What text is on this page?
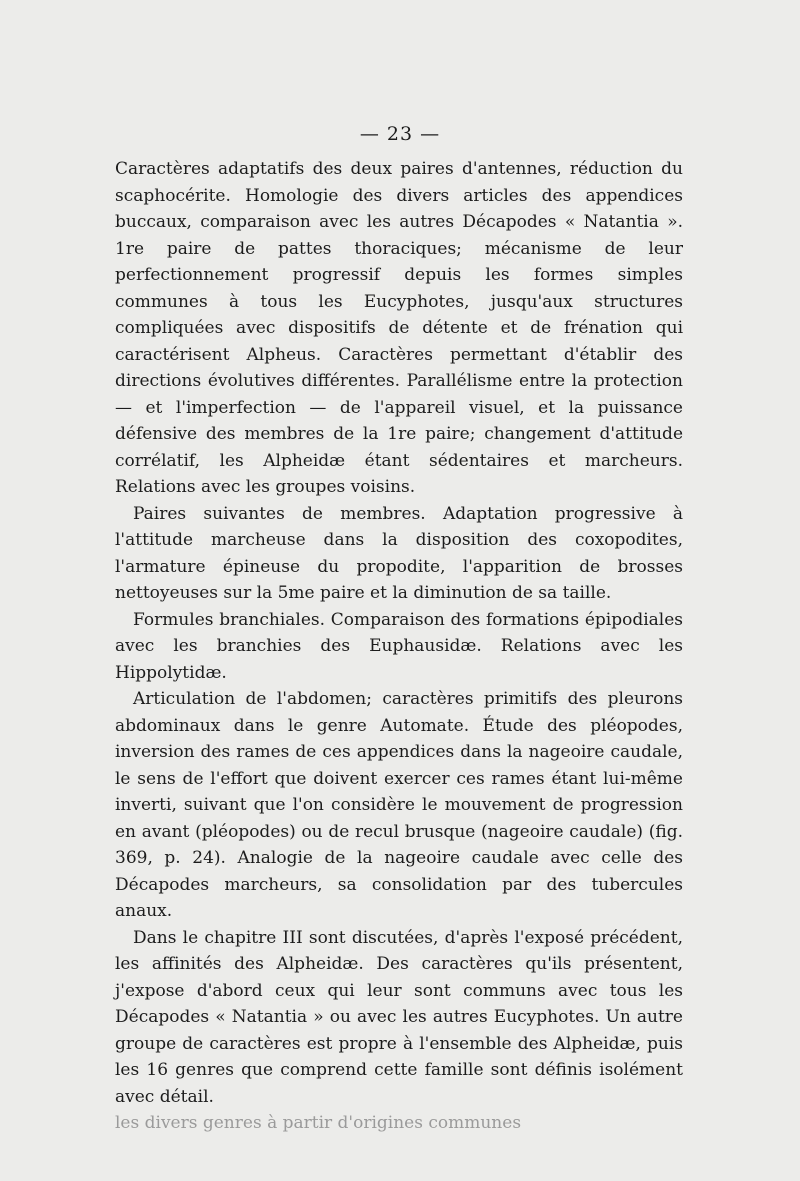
— 23 —

Caractères adaptatifs des deux paires d'antennes, réduction du scaphocérite. Homologie des divers articles des appendices buccaux, comparaison avec les autres Décapodes « Natantia ». 1re paire de pattes thoraciques; mécanisme de leur perfectionnement progressif depuis les formes simples communes à tous les Eucyphotes, jusqu'aux structures compliquées avec dispositifs de détente et de frénation qui caractérisent Alpheus. Caractères permettant d'établir des directions évolutives différentes. Parallélisme entre la protection — et l'imperfection — de l'appareil visuel, et la puissance défensive des membres de la 1re paire; changement d'attitude corrélatif, les Alpheidæ étant sédentaires et marcheurs. Relations avec les groupes voisins.

Paires suivantes de membres. Adaptation progressive à l'attitude marcheuse dans la disposition des coxopodites, l'armature épineuse du propodite, l'apparition de brosses nettoyeuses sur la 5me paire et la diminution de sa taille.

Formules branchiales. Comparaison des formations épipodiales avec les branchies des Euphausidæ. Relations avec les Hippolytidæ.

Articulation de l'abdomen; caractères primitifs des pleurons abdominaux dans le genre Automate. Étude des pléopodes, inversion des rames de ces appendices dans la nageoire caudale, le sens de l'effort que doivent exercer ces rames étant lui-même inverti, suivant que l'on considère le mouvement de progression en avant (pléopodes) ou de recul brusque (nageoire caudale) (fig. 369, p. 24). Analogie de la nageoire caudale avec celle des Décapodes marcheurs, sa consolidation par des tubercules anaux.

Dans le chapitre III sont discutées, d'après l'exposé précédent, les affinités des Alpheidæ. Des caractères qu'ils présentent, j'expose d'abord ceux qui leur sont communs avec tous les Décapodes « Natantia » ou avec les autres Eucyphotes. Un autre groupe de caractères est propre à l'ensemble des Alpheidæ, puis les 16 genres que comprend cette famille sont définis isolément avec détail.

les divers genres à partir d'origines communes
